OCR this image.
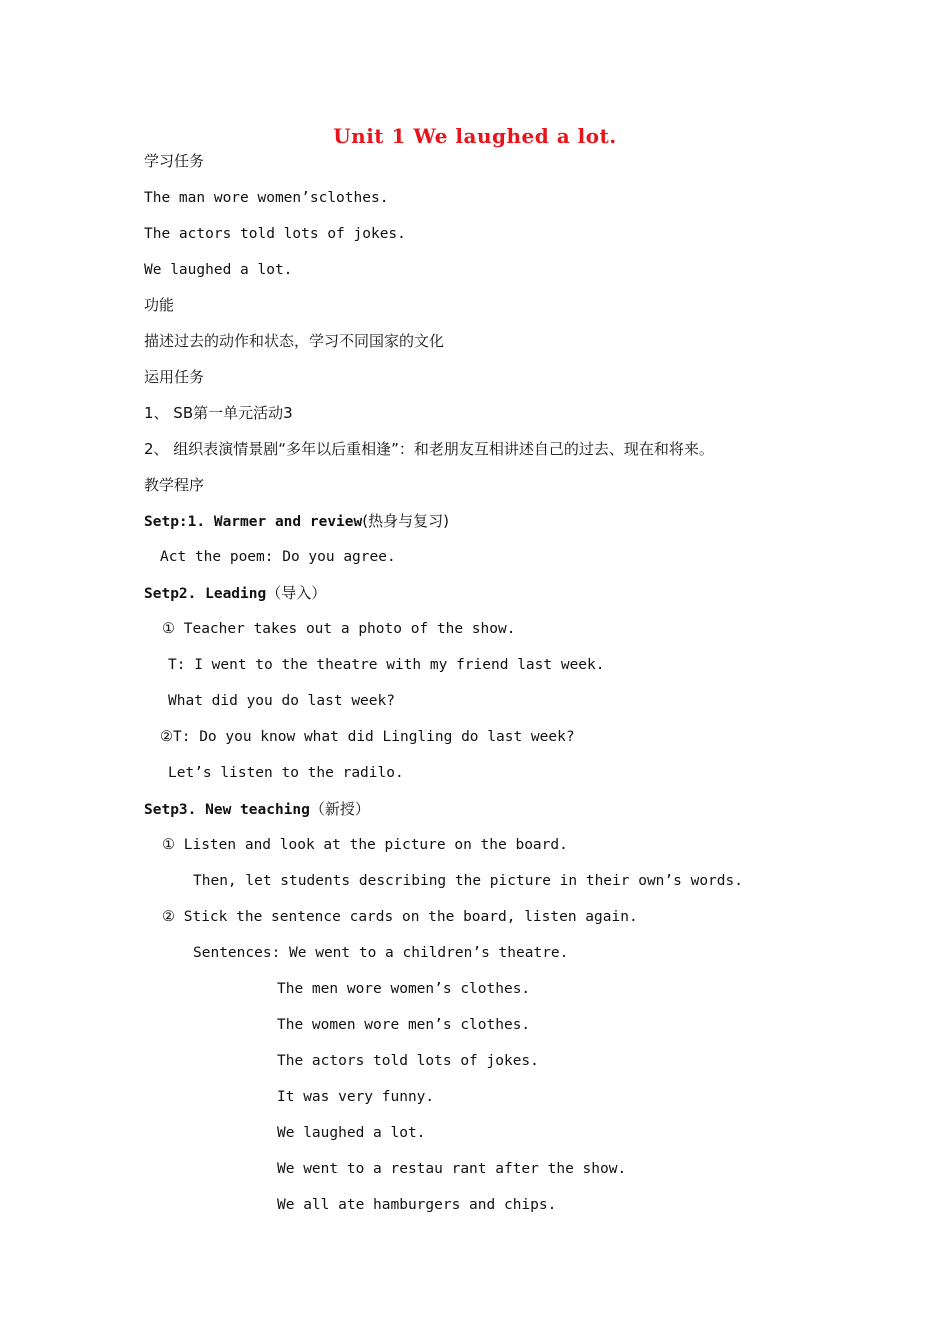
Unit 1 We laughed a lot.
学习任务
The man wore women’sclothes.
The actors told lots of jokes.
We laughed a lot.
功能
描述过去的动作和状态，学习不同国家的文化
运用任务
1、 SB第一单元活动3
2、 组织表演情景剧“多年以后重相逢”：和老朋友互相讲述自己的过去、现在和将来。
教学程序
Setp:1. Warmer and review(热身与复习)
Act the poem: Do you agree.
Setp2. Leading（导入）
① Teacher takes out a photo of the show.
T: I went to the theatre with my friend last week.
What did you do last week?
②T: Do you know what did Lingling do last week?
Let’s listen to the radilo.
Setp3. New teaching（新授）
① Listen and look at the picture on the board.
Then, let students describing the picture in their own’s words.
② Stick the sentence cards on the board, listen again.
Sentences: We went to a children’s theatre.
The men wore women’s clothes.
The women wore men’s clothes.
The actors told lots of jokes.
It was very funny.
We laughed a lot.
We went to a restau rant after the show.
We all ate hamburgers and chips.
